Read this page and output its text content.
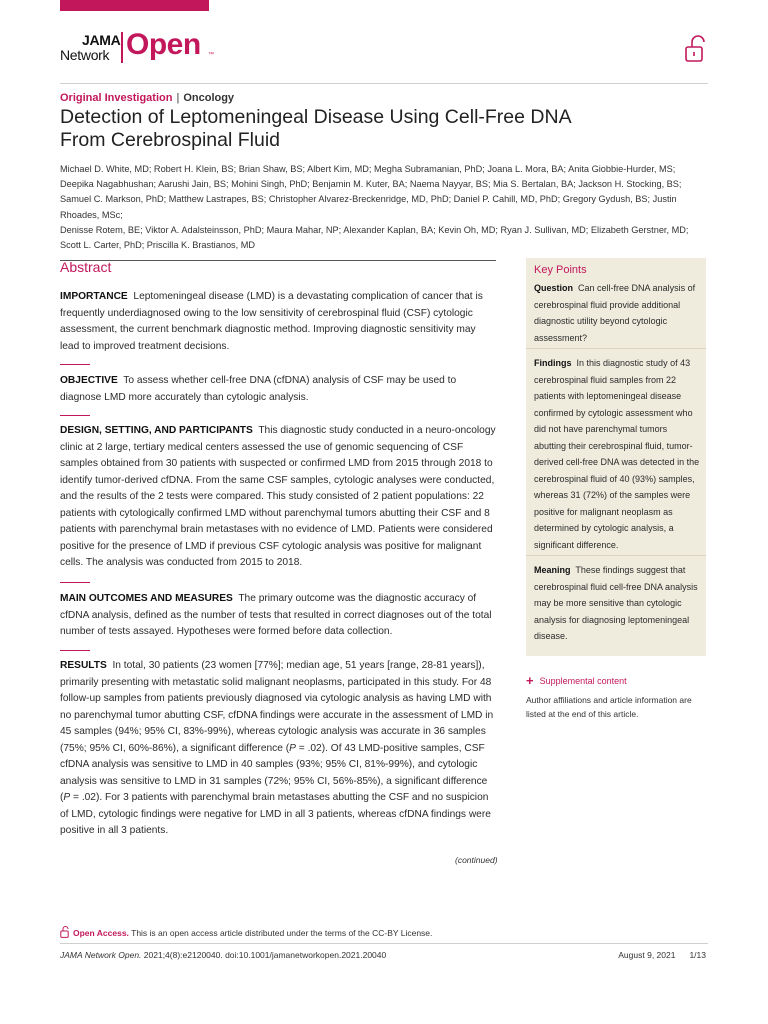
JAMA
Network Open ™
Original Investigation | Oncology
Detection of Leptomeningeal Disease Using Cell-Free DNA From Cerebrospinal Fluid
Michael D. White, MD; Robert H. Klein, BS; Brian Shaw, BS; Albert Kim, MD; Megha Subramanian, PhD; Joana L. Mora, BA; Anita Giobbie-Hurder, MS;
Deepika Nagabhushan; Aarushi Jain, BS; Mohini Singh, PhD; Benjamin M. Kuter, BA; Naema Nayyar, BS; Mia S. Bertalan, BA; Jackson H. Stocking, BS;
Samuel C. Markson, PhD; Matthew Lastrapes, BS; Christopher Alvarez-Breckenridge, MD, PhD; Daniel P. Cahill, MD, PhD; Gregory Gydush, BS; Justin Rhoades, MSc;
Denisse Rotem, BE; Viktor A. Adalsteinsson, PhD; Maura Mahar, NP; Alexander Kaplan, BA; Kevin Oh, MD; Ryan J. Sullivan, MD; Elizabeth Gerstner, MD;
Scott L. Carter, PhD; Priscilla K. Brastianos, MD
Abstract
IMPORTANCE Leptomeningeal disease (LMD) is a devastating complication of cancer that is frequently underdiagnosed owing to the low sensitivity of cerebrospinal fluid (CSF) cytologic assessment, the current benchmark diagnostic method. Improving diagnostic sensitivity may lead to improved treatment decisions.
OBJECTIVE To assess whether cell-free DNA (cfDNA) analysis of CSF may be used to diagnose LMD more accurately than cytologic analysis.
DESIGN, SETTING, AND PARTICIPANTS This diagnostic study conducted in a neuro-oncology clinic at 2 large, tertiary medical centers assessed the use of genomic sequencing of CSF samples obtained from 30 patients with suspected or confirmed LMD from 2015 through 2018 to identify tumor-derived cfDNA. From the same CSF samples, cytologic analyses were conducted, and the results of the 2 tests were compared. This study consisted of 2 patient populations: 22 patients with cytologically confirmed LMD without parenchymal tumors abutting their CSF and 8 patients with parenchymal brain metastases with no evidence of LMD. Patients were considered positive for the presence of LMD if previous CSF cytologic analysis was positive for malignant cells. The analysis was conducted from 2015 to 2018.
MAIN OUTCOMES AND MEASURES The primary outcome was the diagnostic accuracy of cfDNA analysis, defined as the number of tests that resulted in correct diagnoses out of the total number of tests assayed. Hypotheses were formed before data collection.
RESULTS In total, 30 patients (23 women [77%]; median age, 51 years [range, 28-81 years]), primarily presenting with metastatic solid malignant neoplasms, participated in this study. For 48 follow-up samples from patients previously diagnosed via cytologic analysis as having LMD with no parenchymal tumor abutting CSF, cfDNA findings were accurate in the assessment of LMD in 45 samples (94%; 95% CI, 83%-99%), whereas cytologic analysis was accurate in 36 samples (75%; 95% CI, 60%-86%), a significant difference (P = .02). Of 43 LMD-positive samples, CSF cfDNA analysis was sensitive to LMD in 40 samples (93%; 95% CI, 81%-99%), and cytologic analysis was sensitive to LMD in 31 samples (72%; 95% CI, 56%-85%), a significant difference (P = .02). For 3 patients with parenchymal brain metastases abutting the CSF and no suspicion of LMD, cytologic findings were negative for LMD in all 3 patients, whereas cfDNA findings were positive in all 3 patients.
(continued)
Key Points
Question Can cell-free DNA analysis of cerebrospinal fluid provide additional diagnostic utility beyond cytologic assessment?
Findings In this diagnostic study of 43 cerebrospinal fluid samples from 22 patients with leptomeningeal disease confirmed by cytologic assessment who did not have parenchymal tumors abutting their cerebrospinal fluid, tumor-derived cell-free DNA was detected in the cerebrospinal fluid of 40 (93%) samples, whereas 31 (72%) of the samples were positive for malignant neoplasm as determined by cytologic analysis, a significant difference.
Meaning These findings suggest that cerebrospinal fluid cell-free DNA analysis may be more sensitive than cytologic analysis for diagnosing leptomeningeal disease.
+ Supplemental content
Author affiliations and article information are listed at the end of this article.
Open Access. This is an open access article distributed under the terms of the CC-BY License.
JAMA Network Open. 2021;4(8):e2120040. doi:10.1001/jamanetworkopen.2021.20040	August 9, 2021 1/13
